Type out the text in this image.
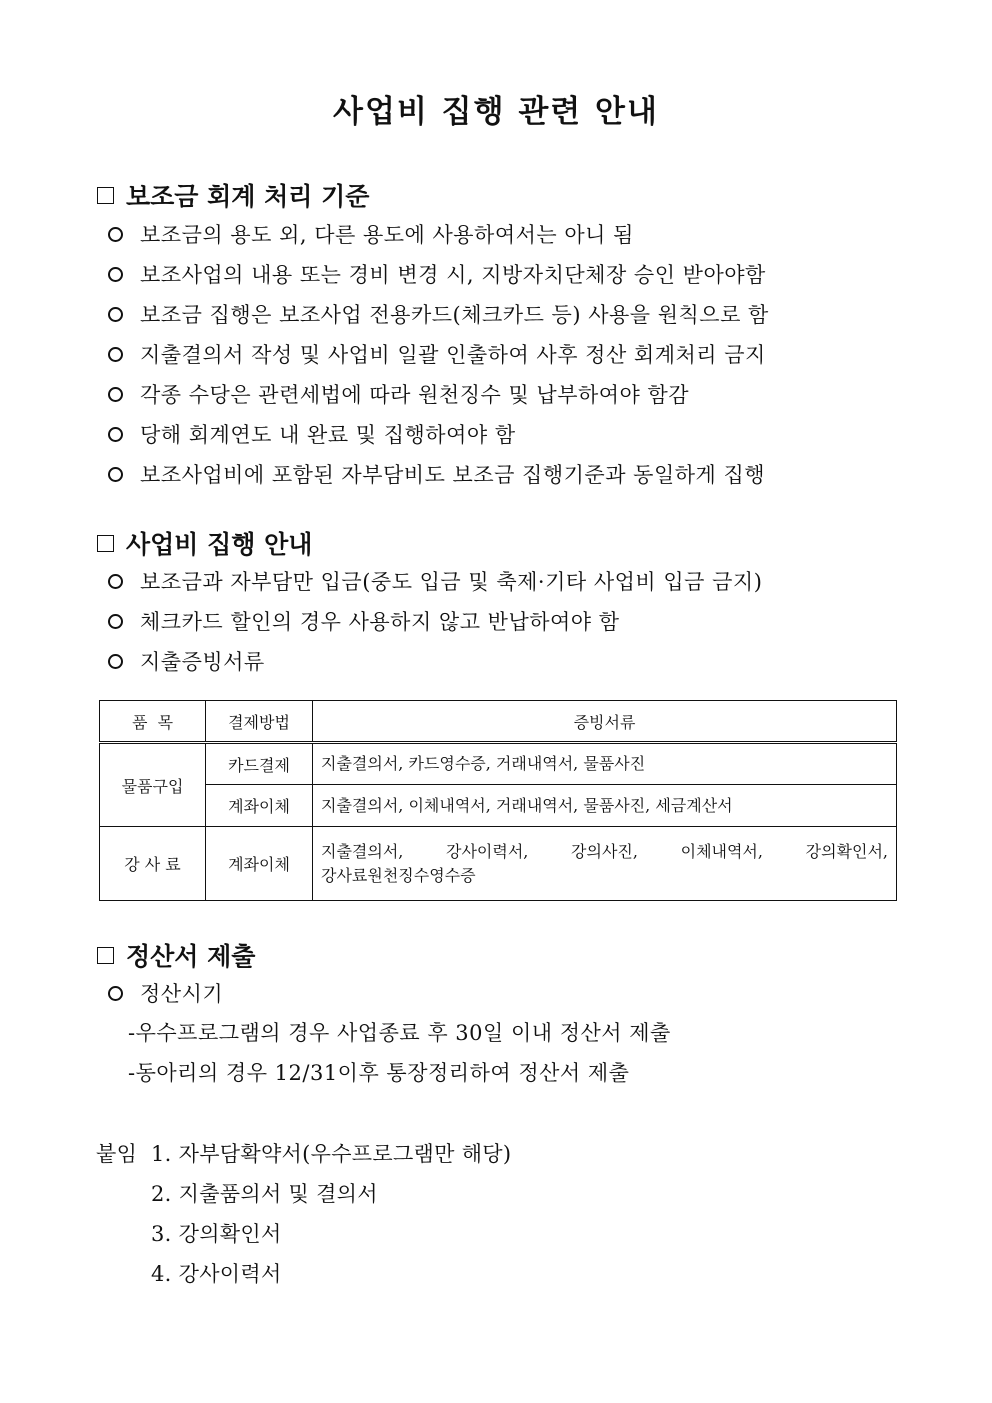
사업비 집행 관련 안내
보조금 회계 처리 기준
보조금의 용도 외, 다른 용도에 사용하여서는 아니 됨
보조사업의 내용 또는 경비 변경 시, 지방자치단체장 승인 받아야함
보조금 집행은 보조사업 전용카드(체크카드 등) 사용을 원칙으로 함
지출결의서 작성 및 사업비 일괄 인출하여 사후 정산 회계처리 금지
각종 수당은 관련세법에 따라 원천징수 및 납부하여야 함감
당해 회계연도 내 완료 및 집행하여야 함
보조사업비에 포함된 자부담비도 보조금 집행기준과 동일하게 집행
사업비 집행 안내
보조금과 자부담만 입금(중도 입금 및 축제·기타 사업비 입금 금지)
체크카드 할인의 경우 사용하지 않고 반납하여야 함
지출증빙서류
품  목	결제방법	증빙서류
물품구입	카드결제	지출결의서, 카드영수증, 거래내역서, 물품사진
	계좌이체	지출결의서, 이체내역서, 거래내역서, 물품사진, 세금계산서
강 사 료	계좌이체	지출결의서, 강사이력서, 강의사진, 이체내역서, 강의확인서,
강사료원천징수영수증
정산서 제출
정산시기
-우수프로그램의 경우 사업종료 후 30일 이내 정산서 제출
-동아리의 경우 12/31이후 통장정리하여 정산서 제출
붙임 1. 자부담확약서(우수프로그램만 해당)
2. 지출품의서 및 결의서
3. 강의확인서
4. 강사이력서
